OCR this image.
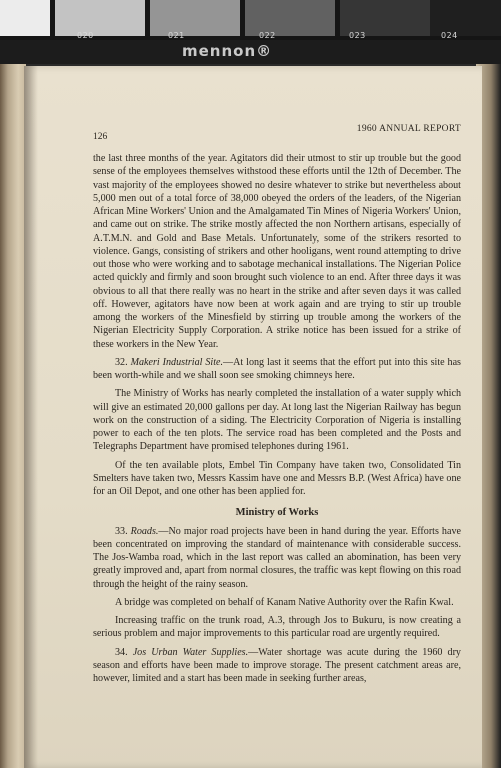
020	021	022	023	024
mennon®
126
1960 ANNUAL REPORT

the last three months of the year. Agitators did their utmost to stir up trouble but the good sense of the employees themselves withstood these efforts until the 12th of December. The vast majority of the employees showed no desire whatever to strike but nevertheless about 5,000 men out of a total force of 38,000 obeyed the orders of the leaders, of the Nigerian African Mine Workers' Union and the Amalgamated Tin Mines of Nigeria Workers' Union, and came out on strike. The strike mostly affected the non Northern artisans, especially of A.T.M.N. and Gold and Base Metals. Unfortunately, some of the strikers resorted to violence. Gangs, consisting of strikers and other hooligans, went round attempting to drive out those who were working and to sabotage mechanical installations. The Nigerian Police acted quickly and firmly and soon brought such violence to an end. After three days it was obvious to all that there really was no heart in the strike and after seven days it was called off. However, agitators have now been at work again and are trying to stir up trouble among the workers of the Minesfield by stirring up trouble among the workers of the Nigerian Electricity Supply Corporation. A strike notice has been issued for a strike of these workers in the New Year.

32. Makeri Industrial Site.—At long last it seems that the effort put into this site has been worth-while and we shall soon see smoking chimneys here.

The Ministry of Works has nearly completed the installation of a water supply which will give an estimated 20,000 gallons per day. At long last the Nigerian Railway has begun work on the construction of a siding. The Electricity Corporation of Nigeria is installing power to each of the ten plots. The service road has been completed and the Posts and Telegraphs Department have promised telephones during 1961.

Of the ten available plots, Embel Tin Company have taken two, Consolidated Tin Smelters have taken two, Messrs Kassim have one and Messrs B.P. (West Africa) have one for an Oil Depot, and one other has been applied for.

Ministry of Works

33. Roads.—No major road projects have been in hand during the year. Efforts have been concentrated on improving the standard of maintenance with considerable success. The Jos-Wamba road, which in the last report was called an abomination, has been very greatly improved and, apart from normal closures, the traffic was kept flowing on this road through the height of the rainy season.

A bridge was completed on behalf of Kanam Native Authority over the Rafin Kwal.

Increasing traffic on the trunk road, A.3, through Jos to Bukuru, is now creating a serious problem and major improvements to this particular road are urgently required.

34. Jos Urban Water Supplies.—Water shortage was acute during the 1960 dry season and efforts have been made to improve storage. The present catchment areas are, however, limited and a start has been made in seeking further areas,
